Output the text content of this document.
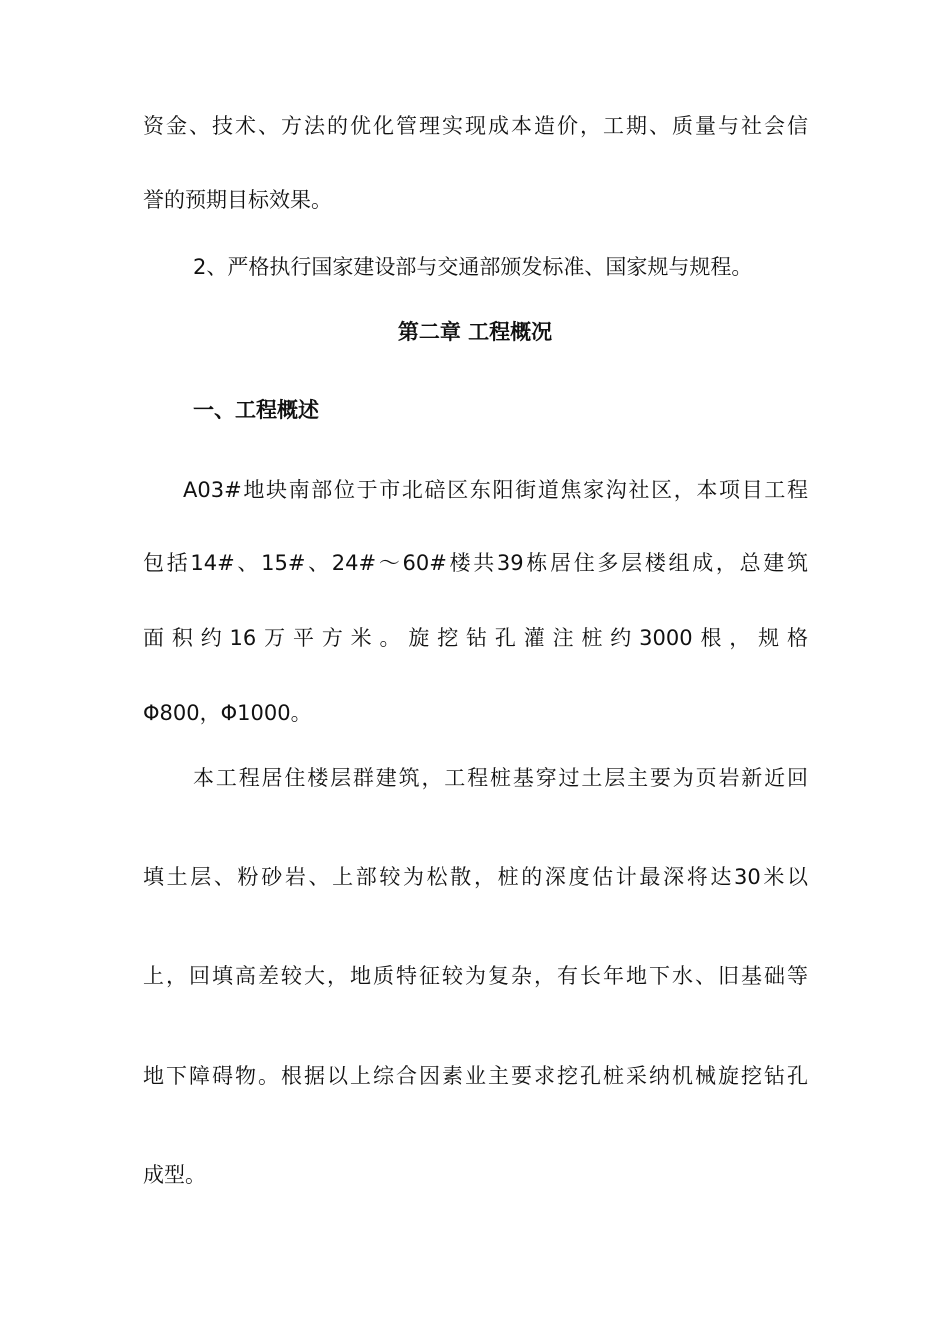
资金、技术、方法的优化管理实现成本造价，工期、质量与社会信
誉的预期目标效果。
2、严格执行国家建设部与交通部颁发标准、国家规与规程。
第二章 工程概况
一、工程概述
A03#地块南部位于市北碚区东阳街道焦家沟社区，本项目工程
包括14#、15#、24#～60#楼共39栋居住多层楼组成，总建筑
面积约16万平方米。旋挖钻孔灌注桩约3000根，规格
Φ800，Φ1000。
本工程居住楼层群建筑，工程桩基穿过土层主要为页岩新近回
填土层、粉砂岩、上部较为松散，桩的深度估计最深将达30米以
上，回填高差较大，地质特征较为复杂，有长年地下水、旧基础等
地下障碍物。根据以上综合因素业主要求挖孔桩采纳机械旋挖钻孔
成型。
